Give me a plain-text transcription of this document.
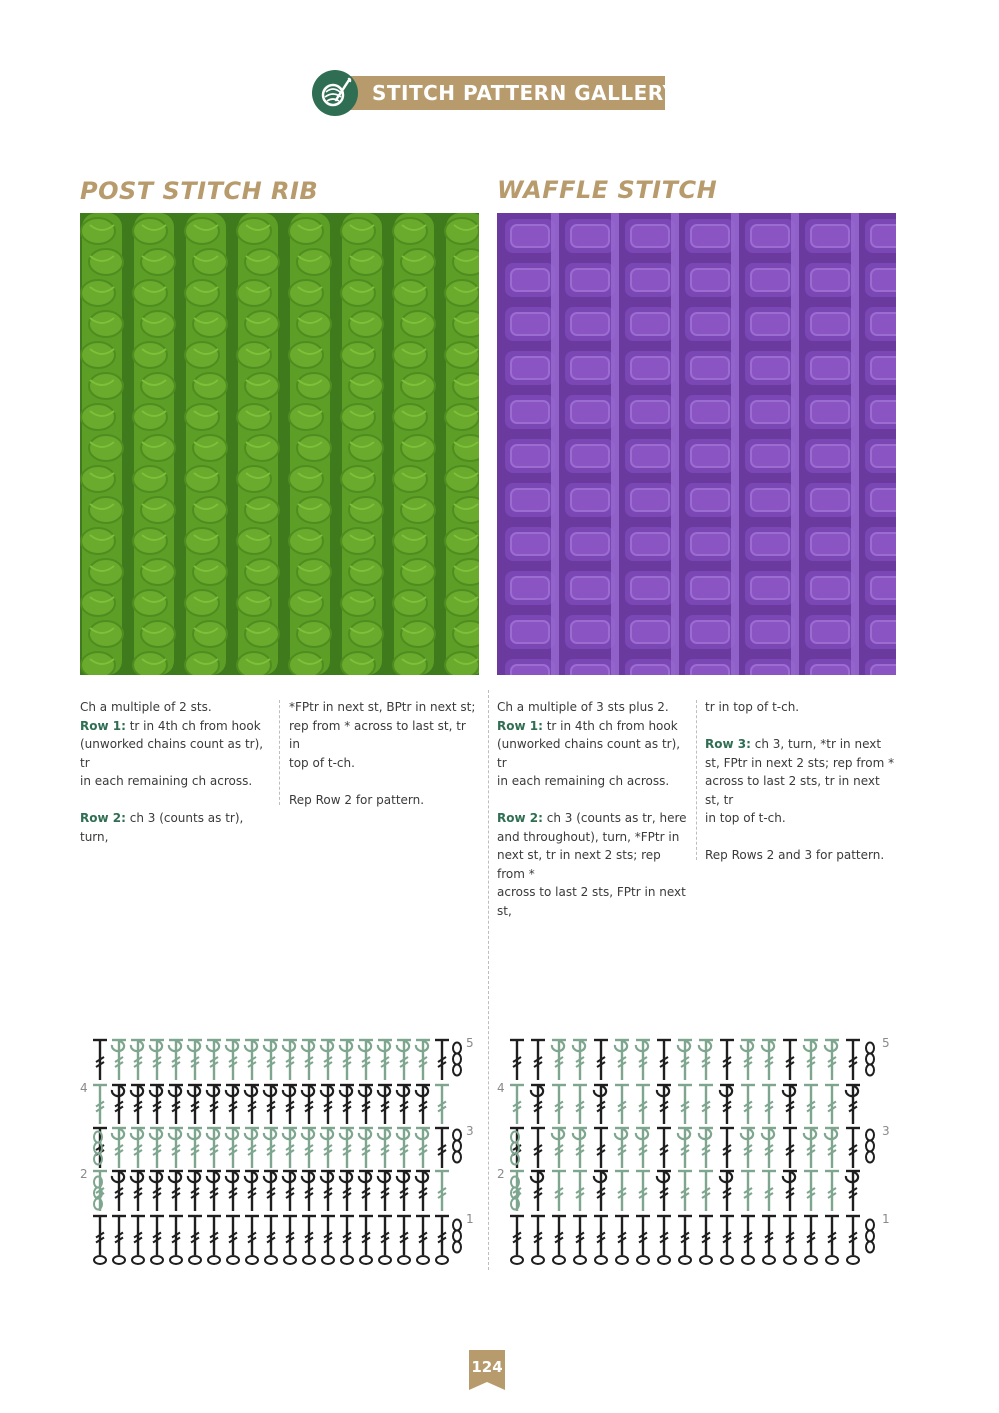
STITCH PATTERN GALLERY
POST STITCH RIB	WAFFLE STITCH

Ch a multiple of 2 sts.

Row 1: tr in 4th ch from hook

(unworked chains count as tr), tr

in each remaining ch across.

Row 2: ch 3 (counts as tr), turn,

*FPtr in next st, BPtr in next st;

rep from * across to last st, tr in

top of t-ch.

Rep Row 2 for pattern.

Ch a multiple of 3 sts plus 2.

Row 1: tr in 4th ch from hook

(unworked chains count as tr), tr

in each remaining ch across.

Row 2: ch 3 (counts as tr, here

and throughout), turn, *FPtr in

next st, tr in next 2 sts; rep from *

across to last 2 sts, FPtr in next st,

tr in top of t-ch.

Row 3: ch 3, turn, *tr in next

st, FPtr in next 2 sts; rep from *

across to last 2 sts, tr in next st, tr

in top of t-ch.

Rep Rows 2 and 3 for pattern.

5
4
3
2
1
5
4
3
2
1
124
